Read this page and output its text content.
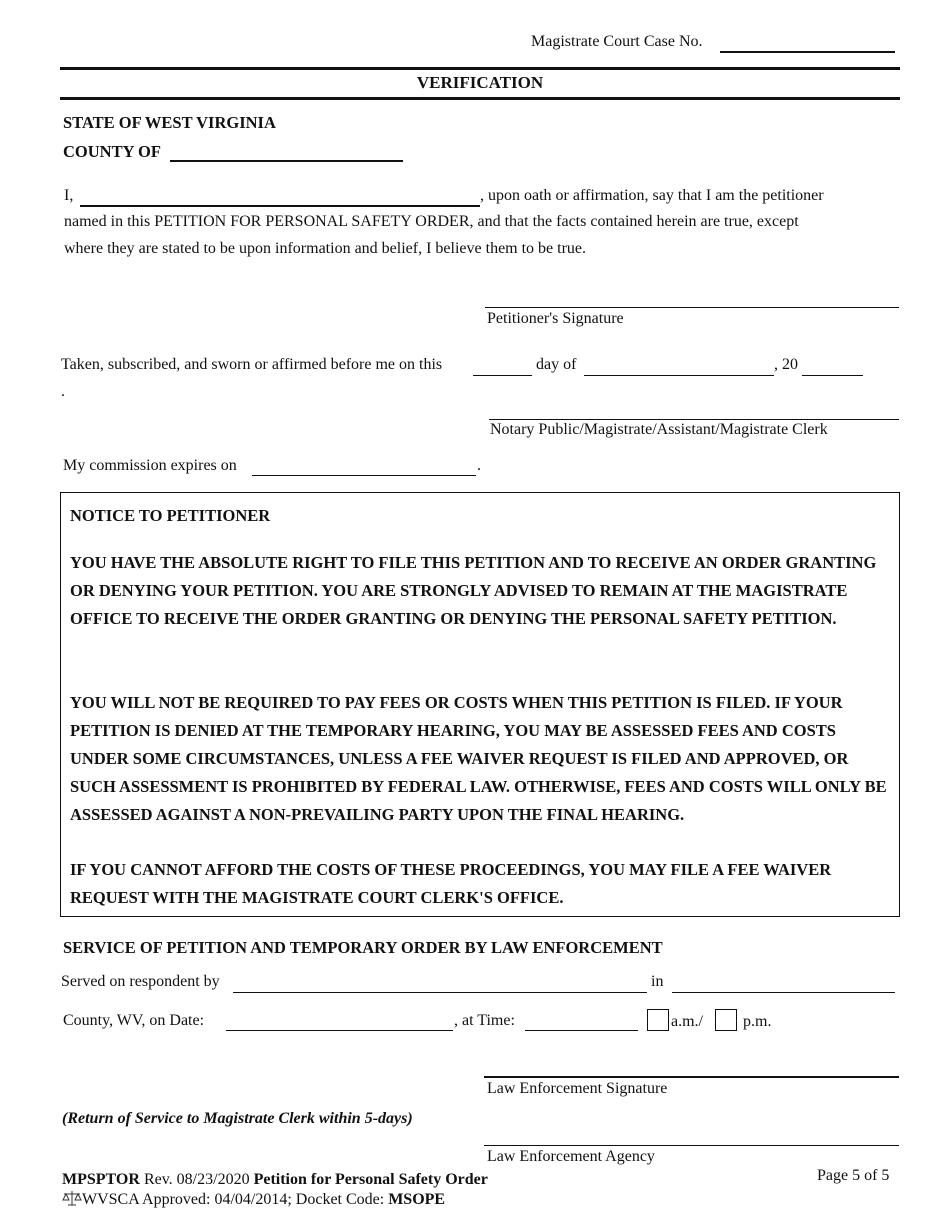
Magistrate Court Case No.
VERIFICATION
STATE OF WEST VIRGINIA
COUNTY OF
I,	, upon oath or affirmation, say that I am the petitioner
named in this PETITION FOR PERSONAL SAFETY ORDER, and that the facts contained herein are true, except
where they are stated to be upon information and belief, I believe them to be true.
Petitioner's Signature
Taken, subscribed, and sworn or affirmed before me on this	day of	, 20
.
Notary Public/Magistrate/Assistant/Magistrate Clerk
My commission expires on	.

NOTICE TO PETITIONER

YOU HAVE THE ABSOLUTE RIGHT TO FILE THIS PETITION AND TO RECEIVE AN ORDER GRANTING OR DENYING YOUR PETITION. YOU ARE STRONGLY ADVISED TO REMAIN AT THE MAGISTRATE OFFICE TO RECEIVE THE ORDER GRANTING OR DENYING THE PERSONAL SAFETY PETITION.

YOU WILL NOT BE REQUIRED TO PAY FEES OR COSTS WHEN THIS PETITION IS FILED. IF YOUR PETITION IS DENIED AT THE TEMPORARY HEARING, YOU MAY BE ASSESSED FEES AND COSTS UNDER SOME CIRCUMSTANCES, UNLESS A FEE WAIVER REQUEST IS FILED AND APPROVED, OR SUCH ASSESSMENT IS PROHIBITED BY FEDERAL LAW. OTHERWISE, FEES AND COSTS WILL ONLY BE ASSESSED AGAINST A NON-PREVAILING PARTY UPON THE FINAL HEARING.

IF YOU CANNOT AFFORD THE COSTS OF THESE PROCEEDINGS, YOU MAY FILE A FEE WAIVER REQUEST WITH THE MAGISTRATE COURT CLERK'S OFFICE.

SERVICE OF PETITION AND TEMPORARY ORDER BY LAW ENFORCEMENT
Served on respondent by	in
County, WV, on Date:	, at Time:	a.m./	p.m.
Law Enforcement Signature
(Return of Service to Magistrate Clerk within 5-days)
Law Enforcement Agency
MPSPTOR Rev. 08/23/2020 Petition for Personal Safety Order
WVSCA Approved: 04/04/2014; Docket Code: MSOPE
Page 5 of 5
